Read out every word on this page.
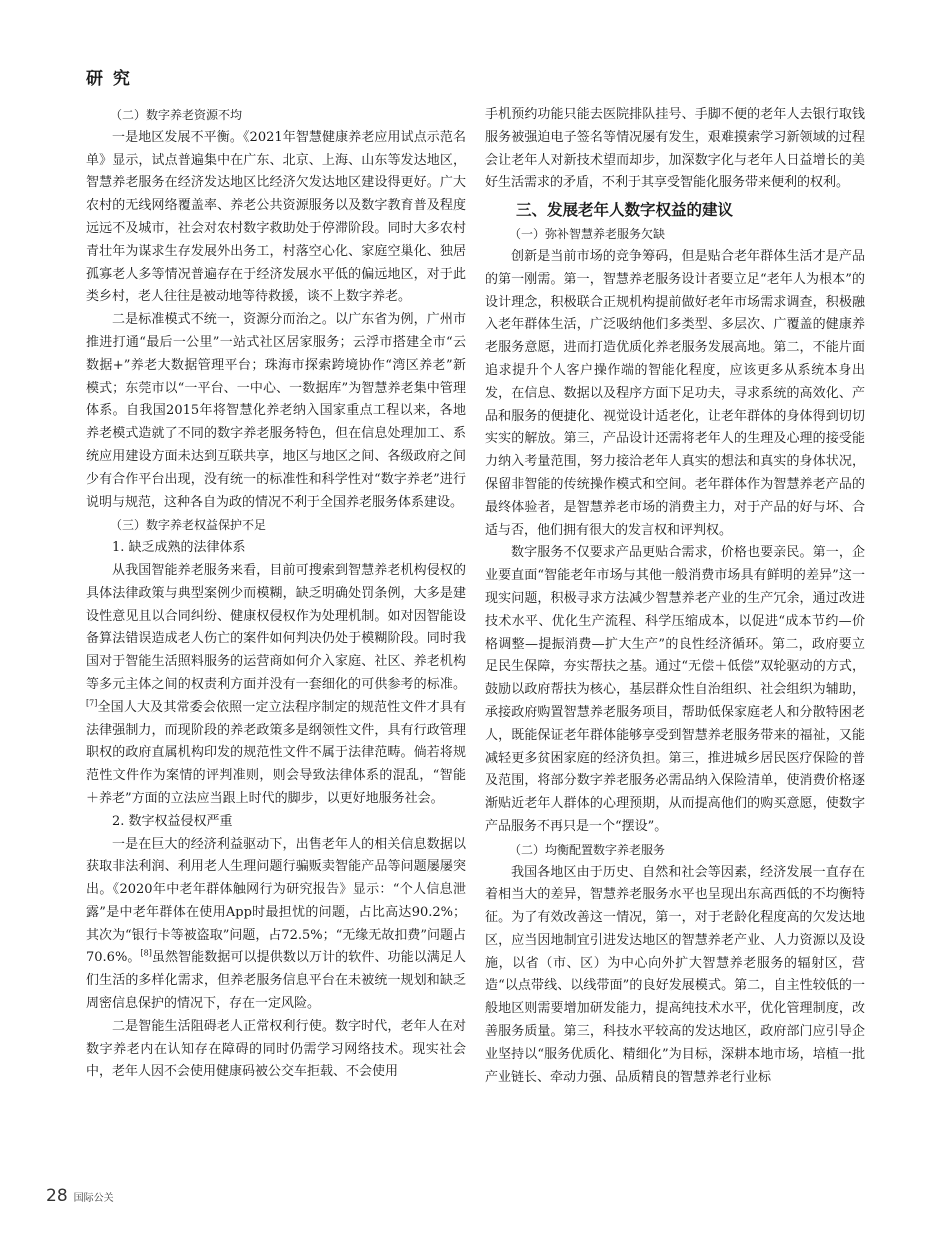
研 究
（二）数字养老资源不均

一是地区发展不平衡。《2021年智慧健康养老应用试点示范名单》显示，试点普遍集中在广东、北京、上海、山东等发达地区，智慧养老服务在经济发达地区比经济欠发达地区建设得更好。广大农村的无线网络覆盖率、养老公共资源服务以及数字教育普及程度远远不及城市，社会对农村数字救助处于停滞阶段。同时大多农村青壮年为谋求生存发展外出务工，村落空心化、家庭空巢化、独居孤寡老人多等情况普遍存在于经济发展水平低的偏远地区，对于此类乡村，老人往往是被动地等待救援，谈不上数字养老。

二是标准模式不统一，资源分而治之。以广东省为例，广州市推进打通“最后一公里”一站式社区居家服务；云浮市搭建全市“云数据+”养老大数据管理平台；珠海市探索跨境协作“湾区养老”新模式；东莞市以“一平台、一中心、一数据库”为智慧养老集中管理体系。自我国2015年将智慧化养老纳入国家重点工程以来，各地养老模式造就了不同的数字养老服务特色，但在信息处理加工、系统应用建设方面未达到互联共享，地区与地区之间、各级政府之间少有合作平台出现，没有统一的标准性和科学性对“数字养老”进行说明与规范，这种各自为政的情况不利于全国养老服务体系建设。

（三）数字养老权益保护不足
1. 缺乏成熟的法律体系

从我国智能养老服务来看，目前可搜索到智慧养老机构侵权的具体法律政策与典型案例少而模糊，缺乏明确处罚条例，大多是建设性意见且以合同纠纷、健康权侵权作为处理机制。如对因智能设备算法错误造成老人伤亡的案件如何判决仍处于模糊阶段。同时我国对于智能生活照料服务的运营商如何介入家庭、社区、养老机构等多元主体之间的权责利方面并没有一套细化的可供参考的标准。[7]全国人大及其常委会依照一定立法程序制定的规范性文件才具有法律强制力，而现阶段的养老政策多是纲领性文件，具有行政管理职权的政府直属机构印发的规范性文件不属于法律范畴。倘若将规范性文件作为案情的评判准则，则会导致法律体系的混乱，“智能＋养老”方面的立法应当跟上时代的脚步，以更好地服务社会。

2. 数字权益侵权严重

一是在巨大的经济利益驱动下，出售老年人的相关信息数据以获取非法利润、利用老人生理问题行骗贩卖智能产品等问题屡屡突出。《2020年中老年群体触网行为研究报告》显示：“个人信息泄露”是中老年群体在使用App时最担忧的问题，占比高达90.2%；其次为“银行卡等被盗取”问题，占72.5%；“无缘无故扣费”问题占70.6%。[8]虽然智能数据可以提供数以万计的软件、功能以满足人们生活的多样化需求，但养老服务信息平台在未被统一规划和缺乏周密信息保护的情况下，存在一定风险。

二是智能生活阻碍老人正常权利行使。数字时代，老年人在对数字养老内在认知存在障碍的同时仍需学习网络技术。现实社会中，老年人因不会使用健康码被公交车拒载、不会使用

手机预约功能只能去医院排队挂号、手脚不便的老年人去银行取钱服务被强迫电子签名等情况屡有发生，艰难摸索学习新领域的过程会让老年人对新技术望而却步，加深数字化与老年人日益增长的美好生活需求的矛盾，不利于其享受智能化服务带来便利的权利。

三、发展老年人数字权益的建议
（一）弥补智慧养老服务欠缺

创新是当前市场的竞争筹码，但是贴合老年群体生活才是产品的第一刚需。第一，智慧养老服务设计者要立足“老年人为根本”的设计理念，积极联合正规机构提前做好老年市场需求调查，积极融入老年群体生活，广泛吸纳他们多类型、多层次、广覆盖的健康养老服务意愿，进而打造优质化养老服务发展高地。第二，不能片面追求提升个人客户操作端的智能化程度，应该更多从系统本身出发，在信息、数据以及程序方面下足功夫，寻求系统的高效化、产品和服务的便捷化、视觉设计适老化，让老年群体的身体得到切切实实的解放。第三，产品设计还需将老年人的生理及心理的接受能力纳入考量范围，努力接洽老年人真实的想法和真实的身体状况，保留非智能的传统操作模式和空间。老年群体作为智慧养老产品的最终体验者，是智慧养老市场的消费主力，对于产品的好与坏、合适与否，他们拥有很大的发言权和评判权。

数字服务不仅要求产品更贴合需求，价格也要亲民。第一，企业要直面“智能老年市场与其他一般消费市场具有鲜明的差异”这一现实问题，积极寻求方法减少智慧养老产业的生产冗余，通过改进技术水平、优化生产流程、科学压缩成本，以促进“成本节约—价格调整—提振消费—扩大生产”的良性经济循环。第二，政府要立足民生保障，夯实帮扶之基。通过“无偿＋低偿”双轮驱动的方式，鼓励以政府帮扶为核心，基层群众性自治组织、社会组织为辅助，承接政府购置智慧养老服务项目，帮助低保家庭老人和分散特困老人，既能保证老年群体能够享受到智慧养老服务带来的福祉，又能减轻更多贫困家庭的经济负担。第三，推进城乡居民医疗保险的普及范围，将部分数字养老服务必需品纳入保险清单，使消费价格逐渐贴近老年人群体的心理预期，从而提高他们的购买意愿，使数字产品服务不再只是一个“摆设”。

（二）均衡配置数字养老服务

我国各地区由于历史、自然和社会等因素，经济发展一直存在着相当大的差异，智慧养老服务水平也呈现出东高西低的不均衡特征。为了有效改善这一情况，第一，对于老龄化程度高的欠发达地区，应当因地制宜引进发达地区的智慧养老产业、人力资源以及设施，以省（市、区）为中心向外扩大智慧养老服务的辐射区，营造“以点带线、以线带面”的良好发展模式。第二，自主性较低的一般地区则需要增加研发能力，提高纯技术水平，优化管理制度，改善服务质量。第三，科技水平较高的发达地区，政府部门应引导企业坚持以“服务优质化、精细化”为目标，深耕本地市场，培植一批产业链长、牵动力强、品质精良的智慧养老行业标

28 国际公关
